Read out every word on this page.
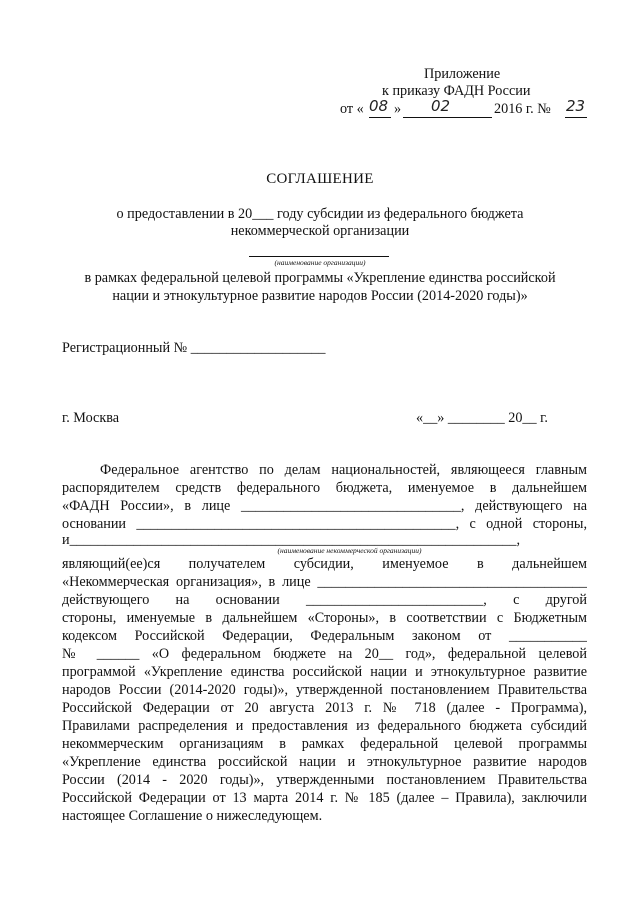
Приложение
к приказу ФАДН России
от « 08 » 02	2016 г. № 23
СОГЛАШЕНИЕ
о предоставлении в 20___ году субсидии из федерального бюджета
некоммерческой организации
(наименование организации)
в рамках федеральной целевой программы «Укрепление единства российской
нации и этнокультурное развитие народов России (2014-2020 годы)»
Регистрационный № ___________________
г. Москва	«__» ________ 20__ г.
Федеральное агентство по делам национальностей, являющееся главным
распорядителем средств федерального бюджета, именуемое в дальнейшем
«ФАДН России», в лице _______________________________, действующего на
основании _____________________________________________, с одной стороны,
и_______________________________________________________________,
(наименование некоммерческой организации)
являющий(ее)ся получателем субсидии, именуемое в дальнейшем
«Некоммерческая организация», в лице ______________________________________
действующего на основании _________________________, с другой
стороны, именуемые в дальнейшем «Стороны», в соответствии с Бюджетным
кодексом Российской Федерации, Федеральным законом от ___________
№ ______ «О федеральном бюджете на 20__ год», федеральной целевой
программой «Укрепление единства российской нации и этнокультурное развитие
народов России (2014-2020 годы)», утвержденной постановлением Правительства
Российской Федерации от 20 августа 2013 г. № 718 (далее - Программа),
Правилами распределения и предоставления из федерального бюджета субсидий
некоммерческим организациям в рамках федеральной целевой программы
«Укрепление единства российской нации и этнокультурное развитие народов
России (2014 - 2020 годы)», утвержденными постановлением Правительства
Российской Федерации от 13 марта 2014 г. № 185 (далее – Правила), заключили
настоящее Соглашение о нижеследующем.
